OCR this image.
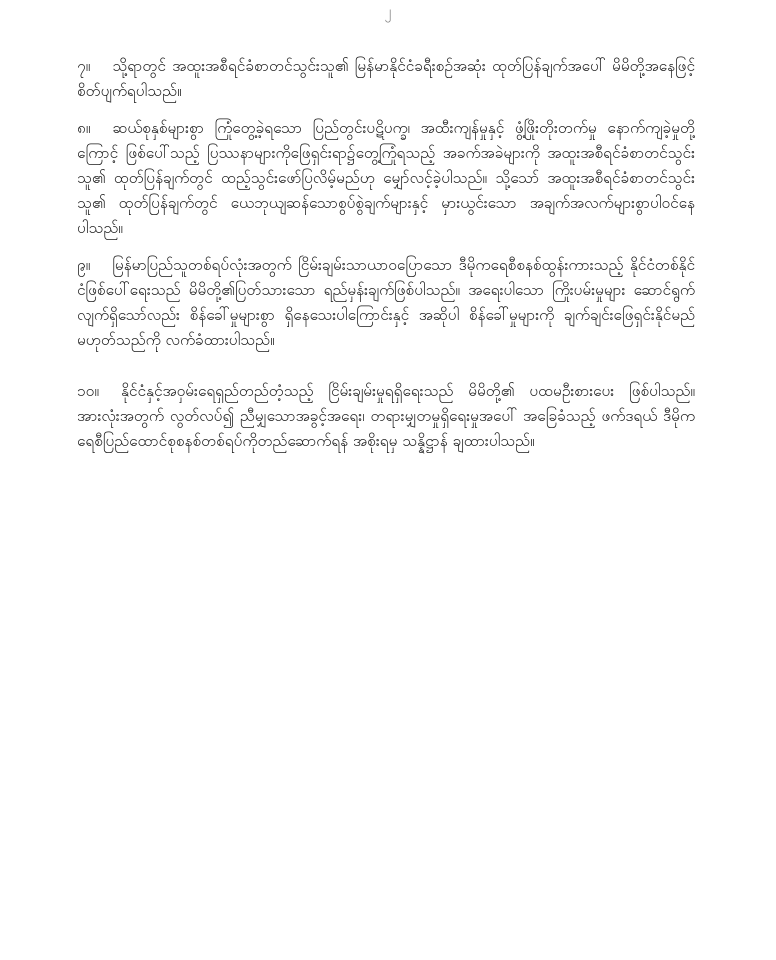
၂

၇။ သို့ရာတွင် အထူးအစီရင်ခံစာတင်သွင်းသူ၏ မြန်မာနိုင်ငံခရီးစဉ်အဆုံး ထုတ်ပြန်ချက်အပေါ် မိမိတို့အနေဖြင့် စိတ်ပျက်ရပါသည်။

၈။ ဆယ်စုနှစ်များစွာ ကြုံတွေ့ခဲ့ရသော ပြည်တွင်းပဋိပက္ခ၊ အထီးကျန်မှုနှင့် ဖွံ့ဖြိုးတိုးတက်မှု နောက်ကျခဲ့မှုတို့ကြောင့် ဖြစ်ပေါ်သည့် ပြဿနာများကိုဖြေရှင်းရာ၌တွေ့ကြုံရသည့် အခက်အခဲများကို အထူးအစီရင်ခံစာတင်သွင်းသူ၏ ထုတ်ပြန်ချက်တွင် ထည့်သွင်းဖော်ပြလိမ့်မည်ဟု မျှော်လင့်ခဲ့ပါသည်။ သို့သော် အထူးအစီရင်ခံစာတင်သွင်းသူ၏ ထုတ်ပြန်ချက်တွင် ယေဘုယျဆန်သောစွပ်စွဲချက်များနှင့် မှားယွင်းသော အချက်အလက်များစွာပါဝင်နေပါသည်။

၉။ မြန်မာပြည်သူတစ်ရပ်လုံးအတွက် ငြိမ်းချမ်းသာယာဝပြောသော ဒီမိုကရေစီစနစ်ထွန်းကားသည့် နိုင်ငံတစ်နိုင်ငံဖြစ်ပေါ်ရေးသည် မိမိတို့၏ပြတ်သားသော ရည်မှန်းချက်ဖြစ်ပါသည်။ အရေးပါသော ကြိုးပမ်းမှုများ ဆောင်ရွက်လျက်ရှိသော်လည်း စိန်ခေါ်မှုများစွာ ရှိနေသေးပါကြောင်းနှင့် အဆိုပါ စိန်ခေါ်မှုများကို ချက်ချင်းဖြေရှင်းနိုင်မည် မဟုတ်သည်ကို လက်ခံထားပါသည်။

၁၀။ နိုင်ငံနှင့်အဝှမ်းရေရှည်တည်တံ့သည့် ငြိမ်းချမ်းမှုရရှိရေးသည် မိမိတို့၏ ပထမဦးစားပေး ဖြစ်ပါသည်။အားလုံးအတွက် လွတ်လပ်၍ ညီမျှသောအခွင့်အရေး၊ တရားမျှတမှုရှိရေးမှုအပေါ် အခြေခံသည့် ဖက်ဒရယ် ဒီမိုကရေစီပြည်ထောင်စုစနစ်တစ်ရပ်ကိုတည်ဆောက်ရန် အစိုးရမှ သန္နိဋ္ဌာန် ချထားပါသည်။
